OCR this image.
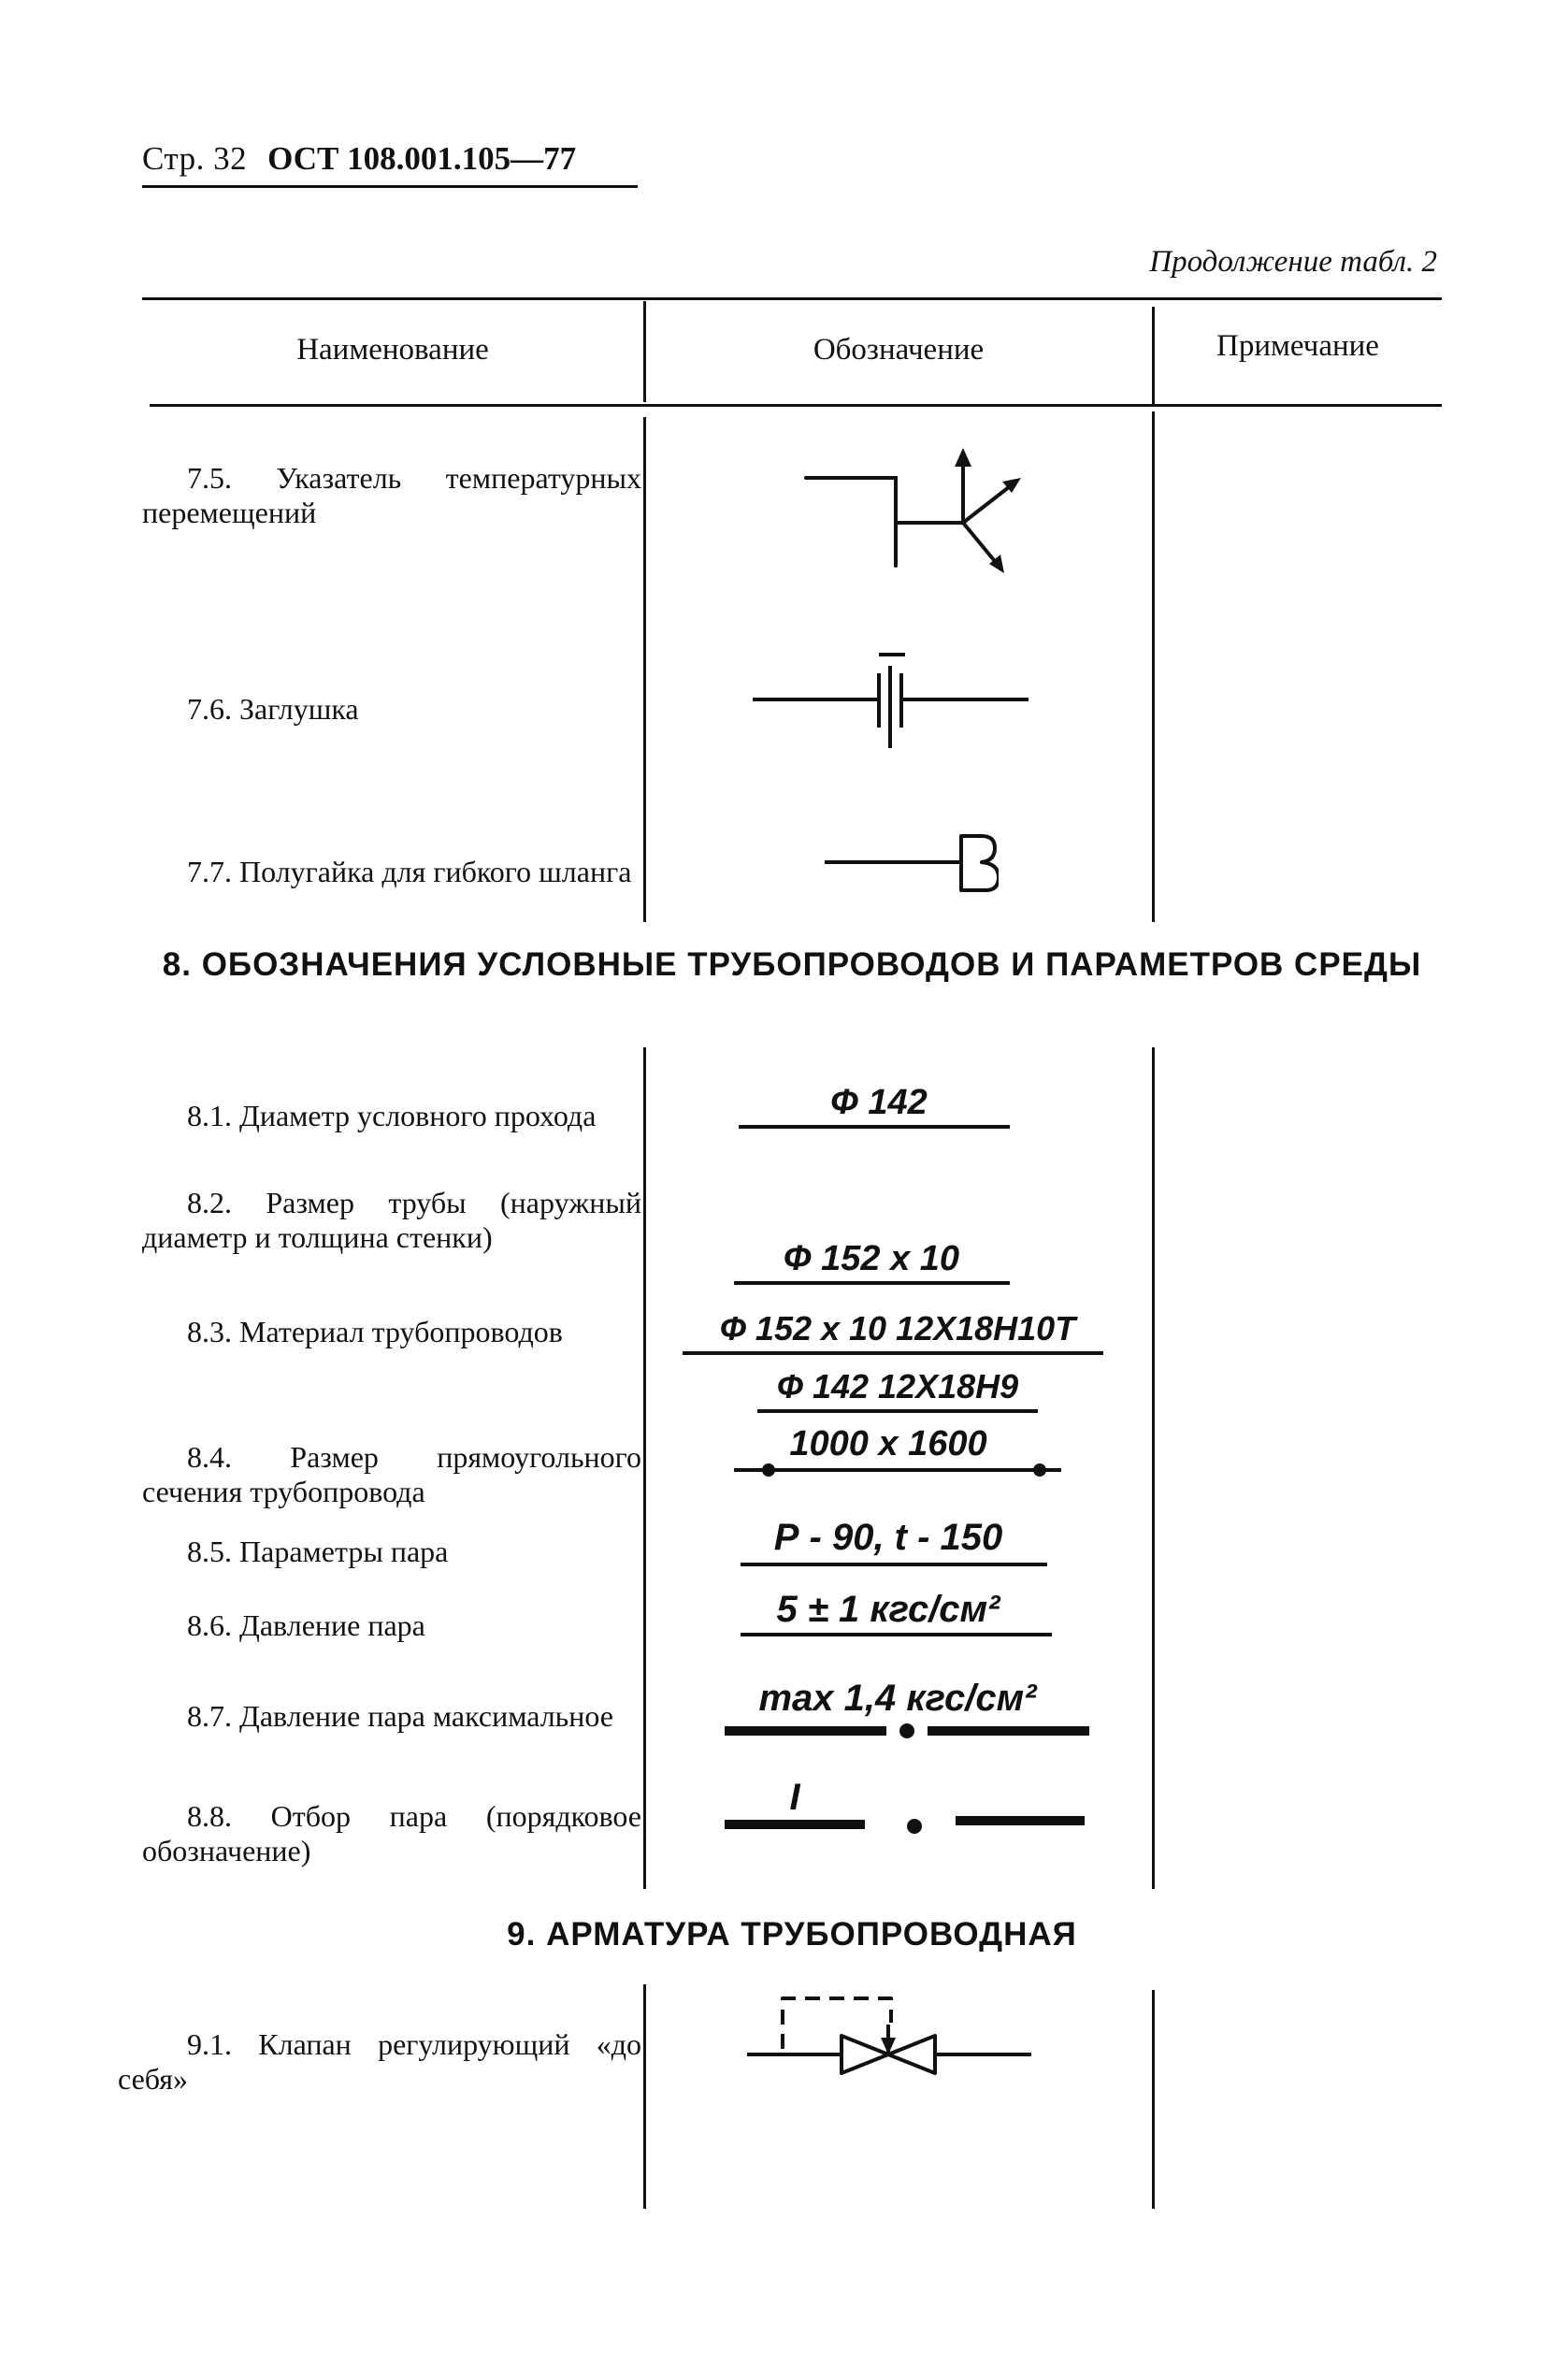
Стр. 32 ОСТ 108.001.105—77
Продолжение табл. 2
Наименование	Обозначение	Примечание
7.5. Указатель температурных перемещений
7.6. Заглушка
7.7. Полугайка для гибкого шланга
8. ОБОЗНАЧЕНИЯ УСЛОВНЫЕ ТРУБОПРОВОДОВ И ПАРАМЕТРОВ СРЕДЫ
8.1. Диаметр условного прохода
8.2. Размер трубы (наружный диаметр и толщина стенки)
8.3. Материал трубопроводов
8.4. Размер прямоугольного сечения трубопровода
8.5. Параметры пара
8.6. Давление пара
8.7. Давление пара максимальное
8.8. Отбор пара (порядковое обозначение)
Ф 142
Ф 152 х 10
Ф 152 х 10 12Х18Н10Т
Ф 142 12Х18Н9
1000 х 1600
Р - 90, t - 150
5 ± 1 кгс/см²
max 1,4 кгс/см²
I
9. АРМАТУРА ТРУБОПРОВОДНАЯ
9.1. Клапан регулирующий «до себя»
